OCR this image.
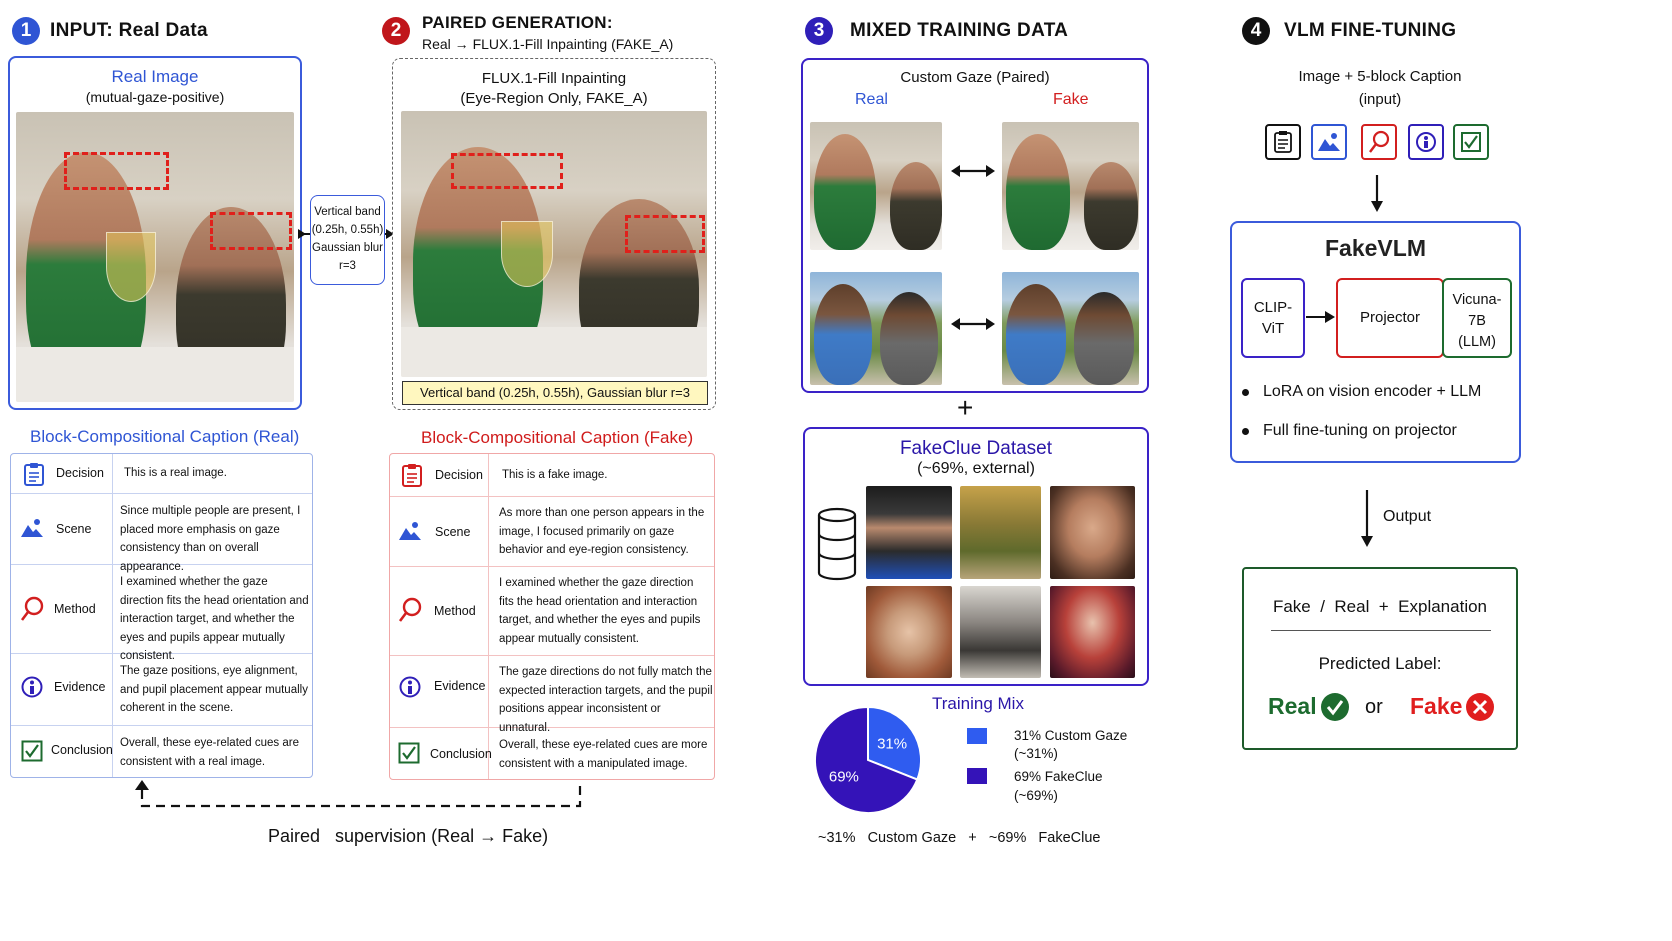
1 INPUT: Real Data	2	PAIRED GENERATION:
Real → FLUX.1-Fill Inpainting (FAKE_A)
3	MIXED TRAINING DATA	4	VLM FINE-TUNING
Real Image
(mutual-gaze-positive)
Vertical band
(0.25h, 0.55h)
Gaussian blur
r=3
FLUX.1-Fill Inpainting
(Eye-Region Only, FAKE_A)
Vertical band (0.25h, 0.55h), Gaussian blur r=3
Block-Compositional Caption (Real)	Block-Compositional Caption (Fake)
Decision This is a real image.
Scene
Since multiple people are present, I placed more emphasis on gaze consistency than on overall appearance.
Method
I examined whether the gaze direction fits the head orientation and interaction target, and whether the eyes and pupils appear mutually consistent.
Evidence
The gaze positions, eye alignment, and pupil placement appear mutually coherent in the scene.
Conclusion Overall, these eye-related cues are consistent with a real image.
Decision This is a fake image.
Scene
As more than one person appears in the image, I focused primarily on gaze behavior and eye-region consistency.
Method
I examined whether the gaze direction fits the head orientation and interaction target, and whether the eyes and pupils appear mutually consistent.
Evidence
The gaze directions do not fully match the expected interaction targets, and the pupil positions appear inconsistent or unnatural.
Conclusion
Overall, these eye-related cues are more consistent with a manipulated image.
Paired   supervision (Real → Fake)
Custom Gaze (Paired)
Real	Fake
+
FakeClue Dataset
(~69%, external)
Training Mix
31%
69%
31% Custom Gaze
(~31%)
69% FakeClue
(~69%)
~31%   Custom Gaze   +   ~69%   FakeClue
Image + 5-block Caption
(input)
FakeVLM
CLIP-
ViT
Projector
Vicuna-
7B
(LLM)
LoRA on vision encoder + LLM
Full fine-tuning on projector
Output
Fake  /  Real  +  Explanation
Predicted Label:
Real or Fake
